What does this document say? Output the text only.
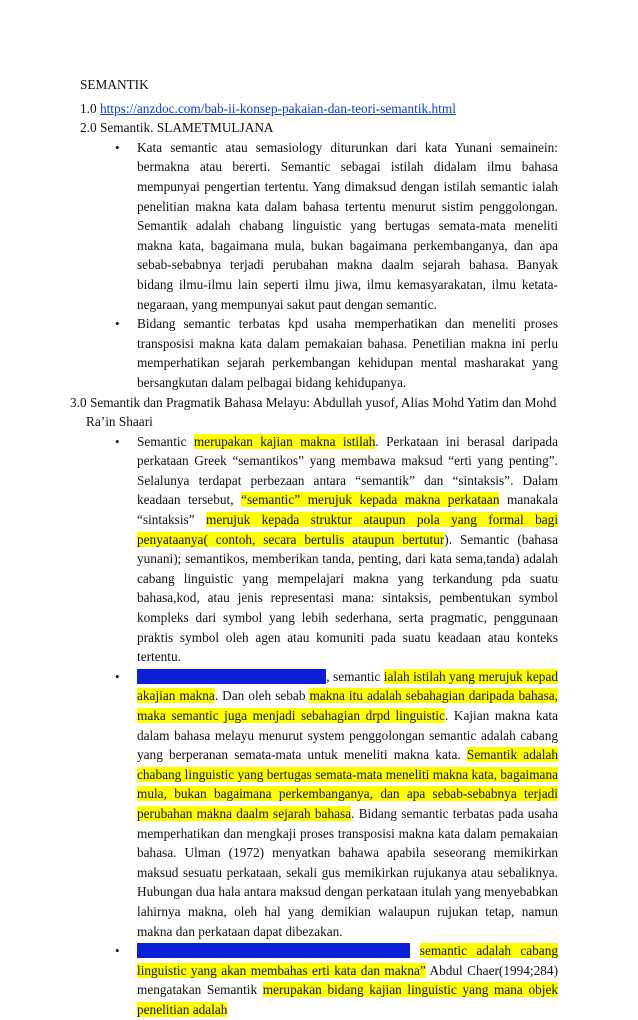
SEMANTIK
1.0 https://anzdoc.com/bab-ii-konsep-pakaian-dan-teori-semantik.html
2.0 Semantik. SLAMETMULJANA
• Kata semantic atau semasiology diturunkan dari kata Yunani semainein: bermakna atau bererti. Semantic sebagai istilah didalam ilmu bahasa mempunyai pengertian tertentu. Yang dimaksud dengan istilah semantic ialah penelitian makna kata dalam bahasa tertentu menurut sistim penggolongan. Semantik adalah chabang linguistic yang bertugas semata-mata meneliti makna kata, bagaimana mula, bukan bagaimana perkembanganya, dan apa sebab-sebabnya terjadi perubahan makna daalm sejarah bahasa. Banyak bidang ilmu-ilmu lain seperti ilmu jiwa, ilmu kemasyarakatan, ilmu ketata-negaraan, yang mempunyai sakut paut dengan semantic.
• Bidang semantic terbatas kpd usaha memperhatikan dan meneliti proses transposisi makna kata dalam pemakaian bahasa. Penetilian makna ini perlu memperhatikan sejarah perkembangan kehidupan mental masharakat yang bersangkutan dalam pelbagai bidang kehidupanya.
3.0 Semantik dan Pragmatik Bahasa Melayu: Abdullah yusof, Alias Mohd Yatim dan Mohd
Ra’in Shaari
• Semantic merupakan kajian makna istilah. Perkataan ini berasal daripada perkataan Greek “semantikos” yang membawa maksud “erti yang penting”. Selalunya terdapat perbezaan antara “semantik” dan “sintaksis”. Dalam keadaan tersebut, “semantic” merujuk kepada makna perkataan manakala “sintaksis” merujuk kepada struktur ataupun pola yang formal bagi penyataanya( contoh, secara bertulis ataupun bertutur). Semantic (bahasa yunani); semantikos, memberikan tanda, penting, dari kata sema,tanda) adalah cabang linguistic yang mempelajari makna yang terkandung pda suatu bahasa,kod, atau jenis representasi mana: sintaksis, pembentukan symbol kompleks dari symbol yang lebih sederhana, serta pragmatic, penggunaan praktis symbol oleh agen atau komuniti pada suatu keadaan atau konteks tertentu.
• Menurut Abdullah Hassan (1987:2), semantic ialah istilah yang merujuk kepad akajian makna. Dan oleh sebab makna itu adalah sebahagian daripada bahasa, maka semantic juga menjadi sebahagian drpd linguistic. Kajian makna kata dalam bahasa melayu menurut system penggolongan semantic adalah cabang yang berperanan semata-mata untuk meneliti makna kata. Semantik adalah chabang linguistic yang bertugas semata-mata meneliti makna kata, bagaimana mula, bukan bagaimana perkembanganya, dan apa sebab-sebabnya terjadi perubahan makna daalm sejarah bahasa. Bidang semantic terbatas pada usaha memperhatikan dan mengkaji proses transposisi makna kata dalam pemakaian bahasa. Ulman (1972) menyatkan bahawa apabila seseorang memikirkan maksud sesuatu perkataan, sekali gus memikirkan rujukanya atau sebaliknya. Hubungan dua hala antara maksud dengan perkataan itulah yang menyebabkan lahirnya makna, oleh hal yang demikian walaupun rujukan tetap, namun makna dan perkataan dapat dibezakan.
• J.W.M. verhaar (1996:13) berpendapat bahawa semantic adalah cabang linguistic yang akan membahas erti kata dan makna” Abdul Chaer(1994;284) mengatakan Semantik merupakan bidang kajian linguistic yang mana objek penelitian adalah
